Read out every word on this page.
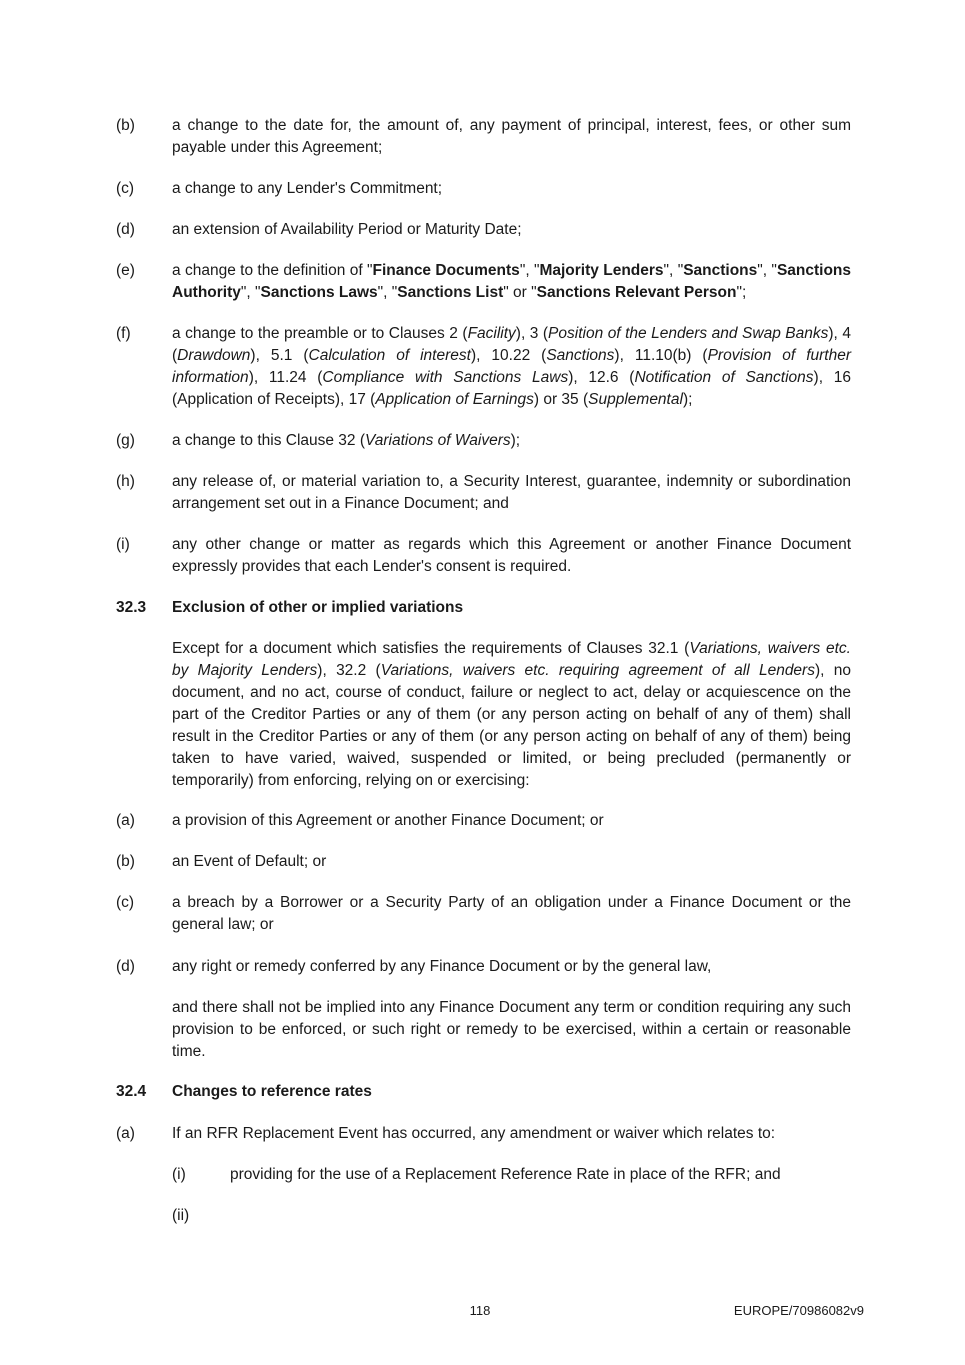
(b)	a change to the date for, the amount of, any payment of principal, interest, fees, or other sum payable under this Agreement;
(c)	a change to any Lender's Commitment;
(d)	an extension of Availability Period or Maturity Date;
(e)	a change to the definition of "Finance Documents", "Majority Lenders", "Sanctions", "Sanctions Authority", "Sanctions Laws", "Sanctions List" or "Sanctions Relevant Person";
(f)	a change to the preamble or to Clauses 2 (Facility), 3 (Position of the Lenders and Swap Banks), 4 (Drawdown), 5.1 (Calculation of interest), 10.22 (Sanctions), 11.10(b) (Provision of further information), 11.24 (Compliance with Sanctions Laws), 12.6 (Notification of Sanctions), 16 (Application of Receipts), 17 (Application of Earnings) or 35 (Supplemental);
(g)	a change to this Clause 32 (Variations of Waivers);
(h)	any release of, or material variation to, a Security Interest, guarantee, indemnity or subordination arrangement set out in a Finance Document; and
(i)	any other change or matter as regards which this Agreement or another Finance Document expressly provides that each Lender's consent is required.
32.3	Exclusion of other or implied variations
Except for a document which satisfies the requirements of Clauses 32.1 (Variations, waivers etc. by Majority Lenders), 32.2 (Variations, waivers etc. requiring agreement of all Lenders), no document, and no act, course of conduct, failure or neglect to act, delay or acquiescence on the part of the Creditor Parties or any of them (or any person acting on behalf of any of them) shall result in the Creditor Parties or any of them (or any person acting on behalf of any of them) being taken to have varied, waived, suspended or limited, or being precluded (permanently or temporarily) from enforcing, relying on or exercising:
(a)	a provision of this Agreement or another Finance Document; or
(b)	an Event of Default; or
(c)	a breach by a Borrower or a Security Party of an obligation under a Finance Document or the general law; or
(d)	any right or remedy conferred by any Finance Document or by the general law,
and there shall not be implied into any Finance Document any term or condition requiring any such provision to be enforced, or such right or remedy to be exercised, within a certain or reasonable time.
32.4	Changes to reference rates
(a)	If an RFR Replacement Event has occurred, any amendment or waiver which relates to:
(i)	providing for the use of a Replacement Reference Rate in place of the RFR; and
(ii)
118	EUROPE/70986082v9
